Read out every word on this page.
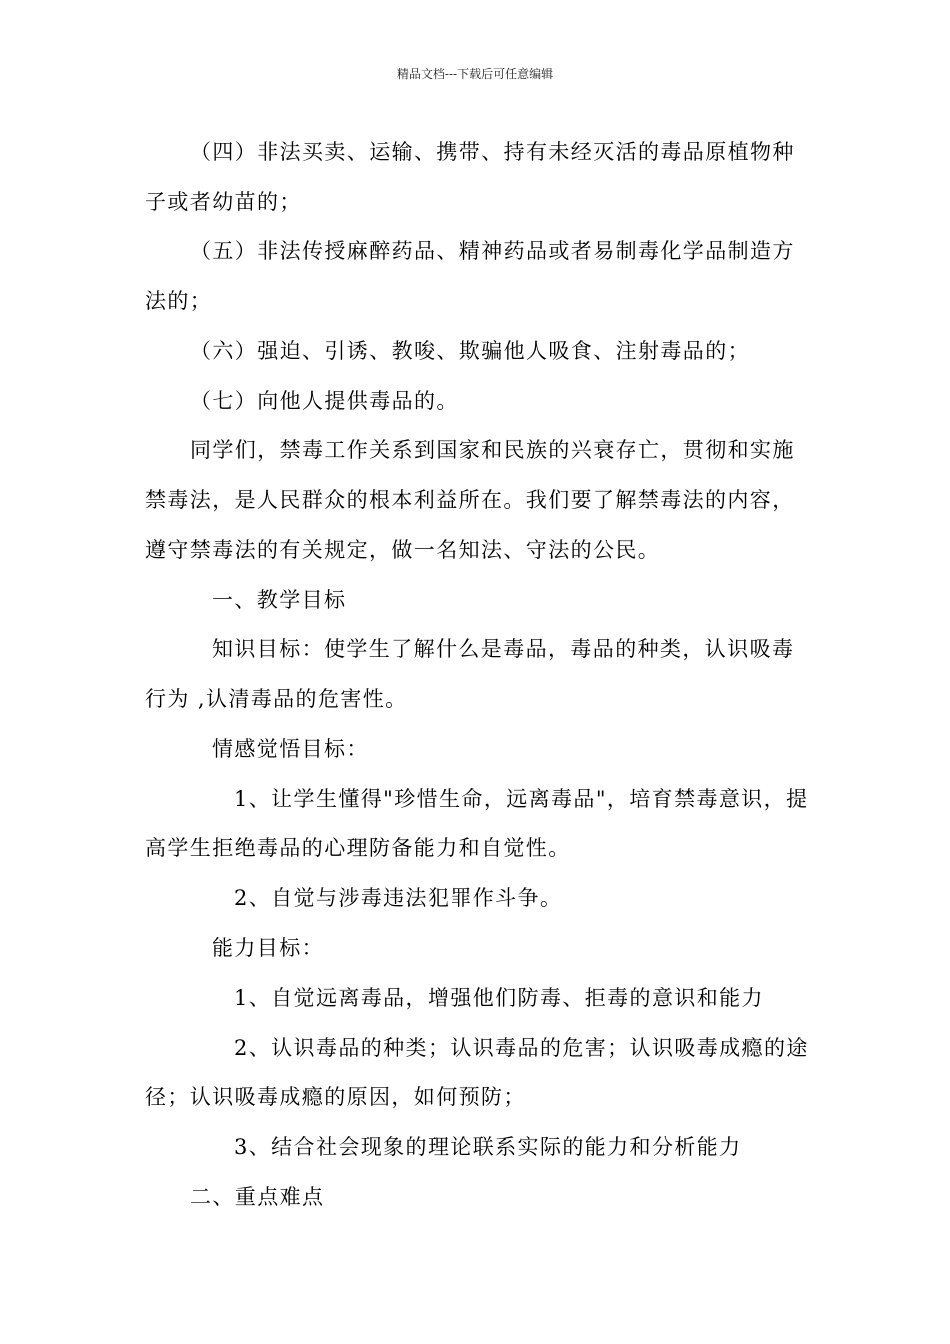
精品文档---下载后可任意编辑
（四）非法买卖、运输、携带、持有未经灭活的毒品原植物种
子或者幼苗的；
（五）非法传授麻醉药品、精神药品或者易制毒化学品制造方
法的；
（六）强迫、引诱、教唆、欺骗他人吸食、注射毒品的；
（七）向他人提供毒品的。
同学们，禁毒工作关系到国家和民族的兴衰存亡，贯彻和实施
禁毒法，是人民群众的根本利益所在。我们要了解禁毒法的内容，
遵守禁毒法的有关规定，做一名知法、守法的公民。
一、教学目标
知识目标：使学生了解什么是毒品，毒品的种类，认识吸毒
行为 ,认清毒品的危害性。
情感觉悟目标：
1、让学生懂得"珍惜生命，远离毒品"，培育禁毒意识，提
高学生拒绝毒品的心理防备能力和自觉性。
2、自觉与涉毒违法犯罪作斗争。
能力目标：
1、自觉远离毒品，增强他们防毒、拒毒的意识和能力
2、认识毒品的种类；认识毒品的危害；认识吸毒成瘾的途
径；认识吸毒成瘾的原因，如何预防；
3、结合社会现象的理论联系实际的能力和分析能力
二、重点难点
